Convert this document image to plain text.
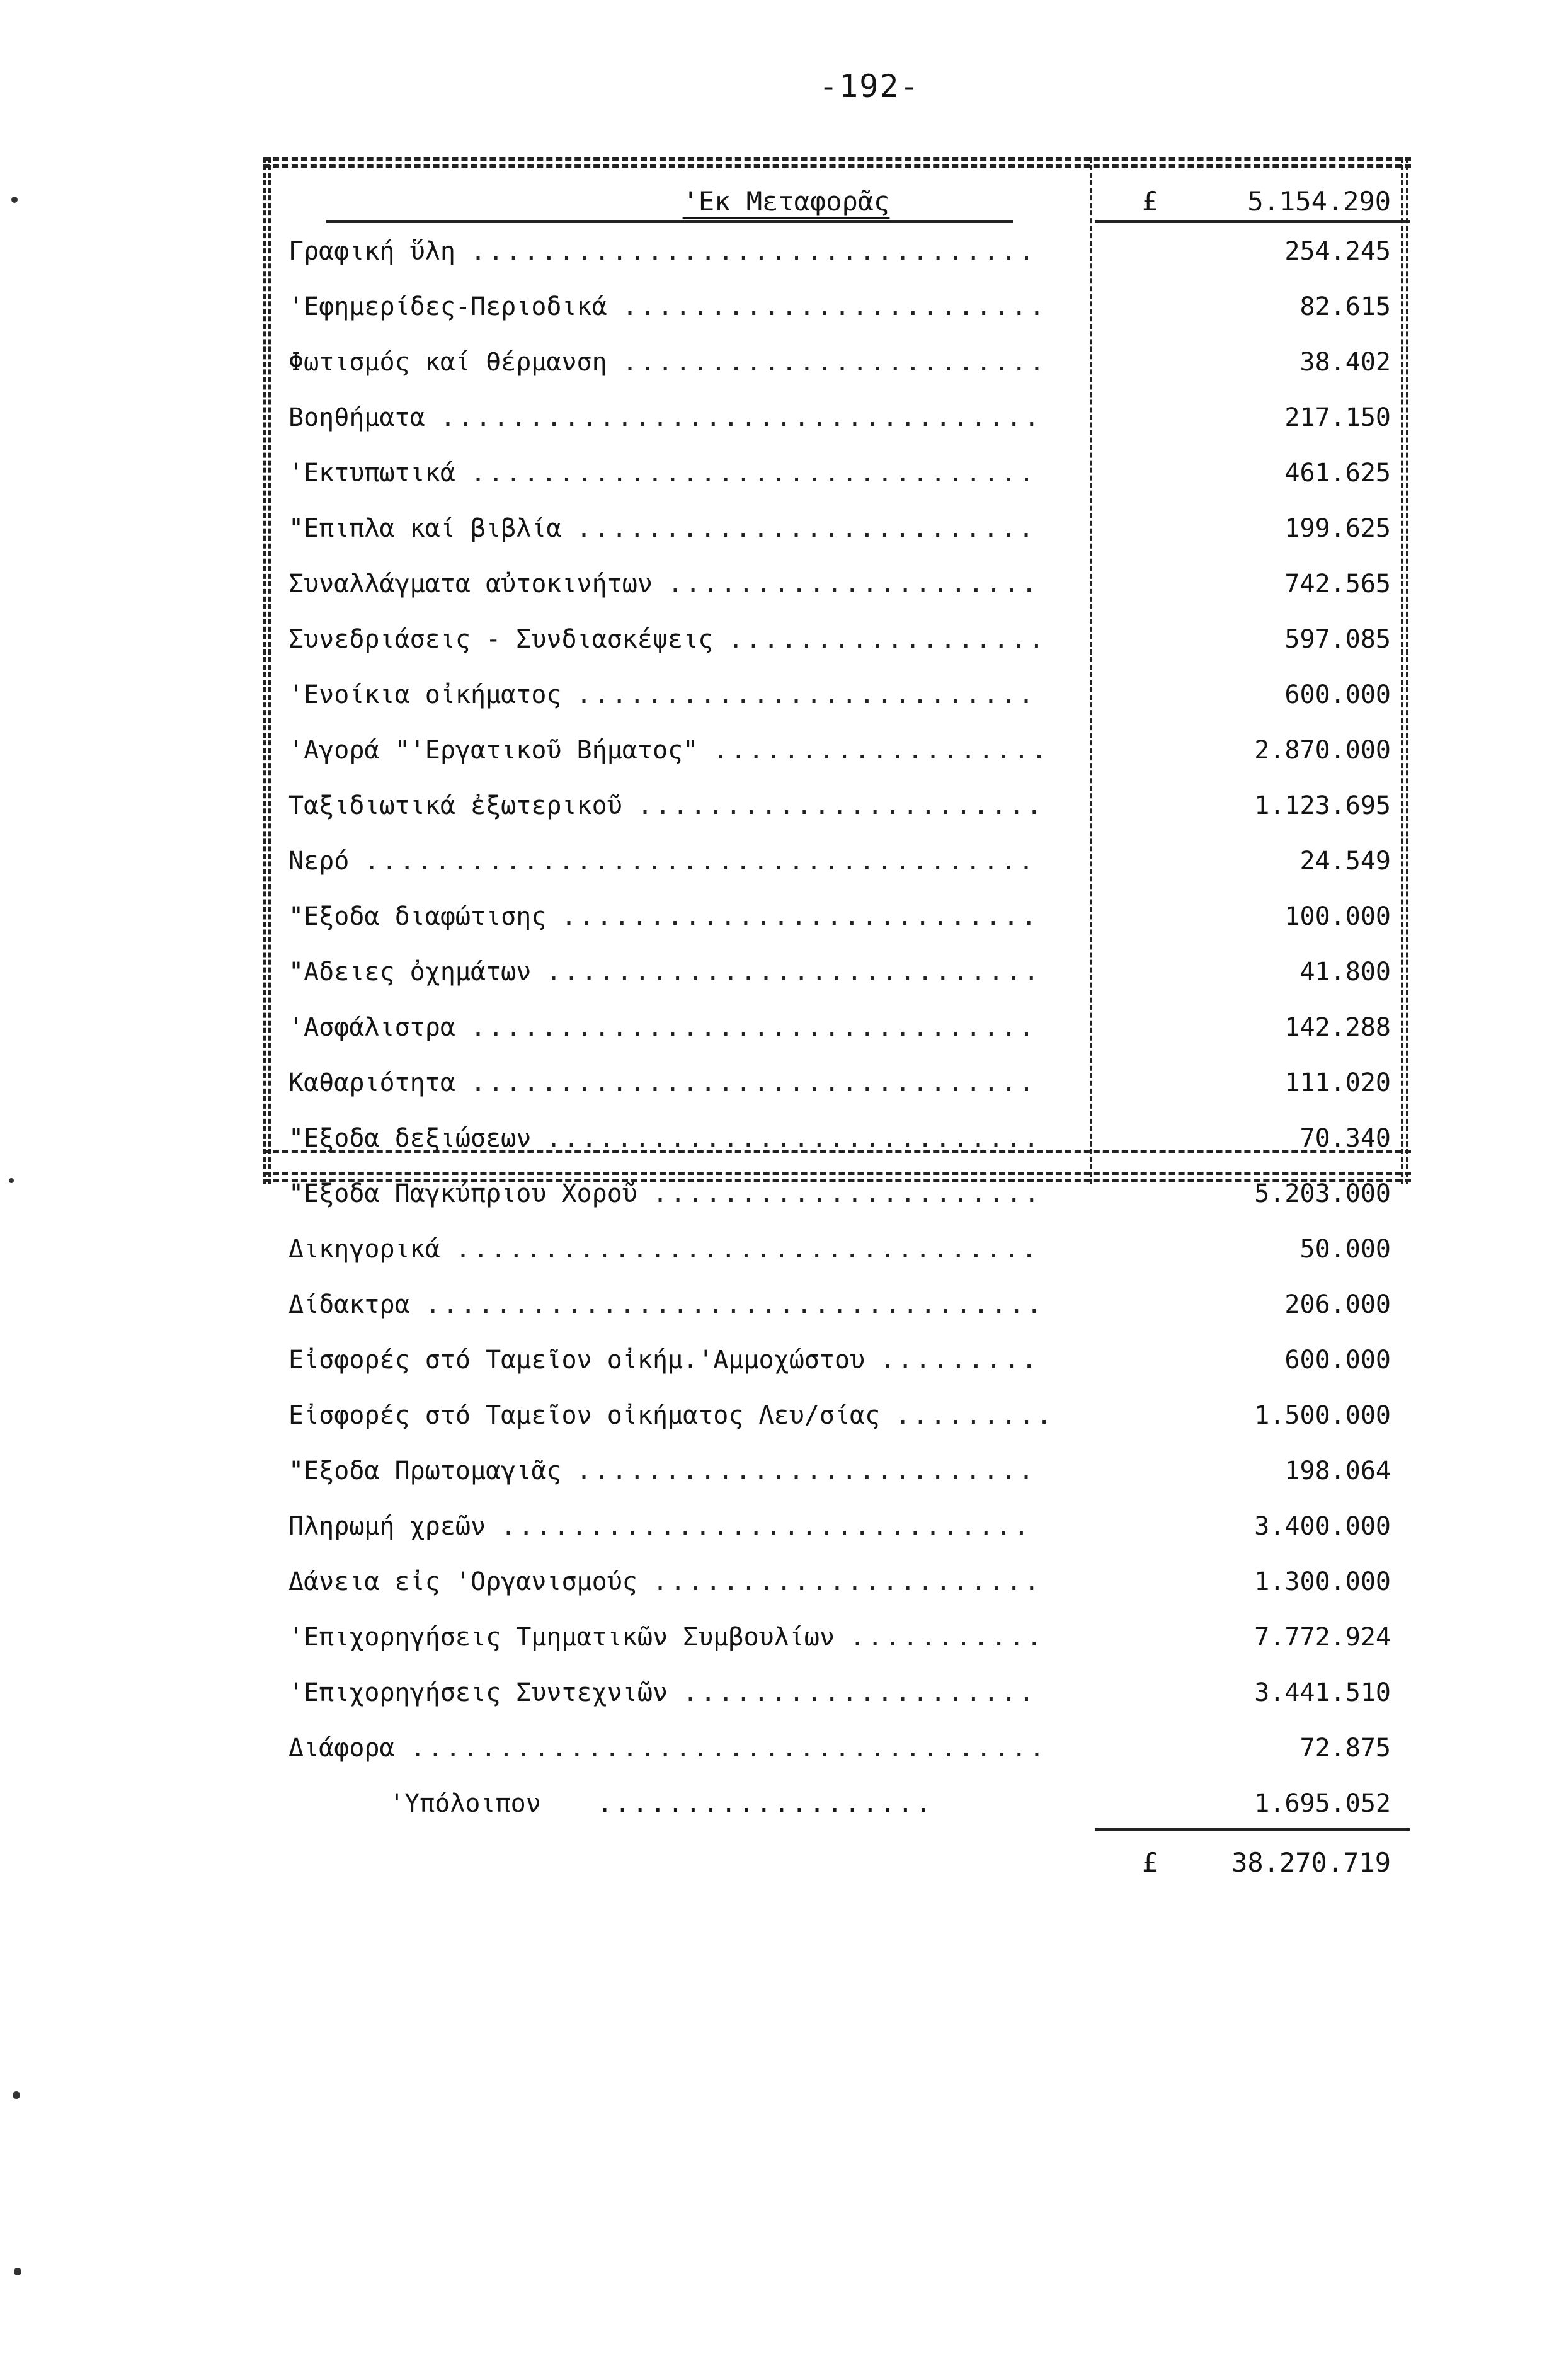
-192-
'Εκ Μεταφορᾶς	£	5.154.290
Γραφική ὕλη ................................	254.245
'Εφημερίδες-Περιοδικά ........................	82.615
Φωτισμός καί θέρμανση ........................	38.402
Βοηθήματα ..................................	217.150
'Εκτυπωτικά ................................	461.625
"Επιπλα καί βιβλία ..........................	199.625
Συναλλάγματα αὐτοκινήτων .....................	742.565
Συνεδριάσεις - Συνδιασκέψεις ..................	597.085
'Ενοίκια οἰκήματος ..........................	600.000
'Αγορά "'Εργατικοῦ Βήματος" ...................	2.870.000
Ταξιδιωτικά ἐξωτερικοῦ .......................	1.123.695
Νερό ......................................	24.549
"Εξοδα διαφώτισης ...........................	100.000
"Αδειες ὀχημάτων ............................	41.800
'Ασφάλιστρα ................................	142.288
Καθαριότητα ................................	111.020
"Εξοδα δεξιώσεων ............................	70.340
"Εξοδα Παγκύπριου Χοροῦ ......................	5.203.000
Δικηγορικά .................................	50.000
Δίδακτρα ...................................	206.000
Εἰσφορές στό Ταμεῖον οἰκήμ.'Αμμοχώστου .........	600.000
Εἰσφορές στό Ταμεῖον οἰκήματος Λευ/σίας .........	1.500.000
"Εξοδα Πρωτομαγιᾶς ..........................	198.064
Πληρωμή χρεῶν ..............................	3.400.000
Δάνεια εἰς 'Οργανισμούς ......................	1.300.000
'Επιχορηγήσεις Τμηματικῶν Συμβουλίων ...........	7.772.924
'Επιχορηγήσεις Συντεχνιῶν ....................	3.441.510
Διάφορα ....................................	72.875
'Υπόλοιπον ...................	1.695.052
£	38.270.719
